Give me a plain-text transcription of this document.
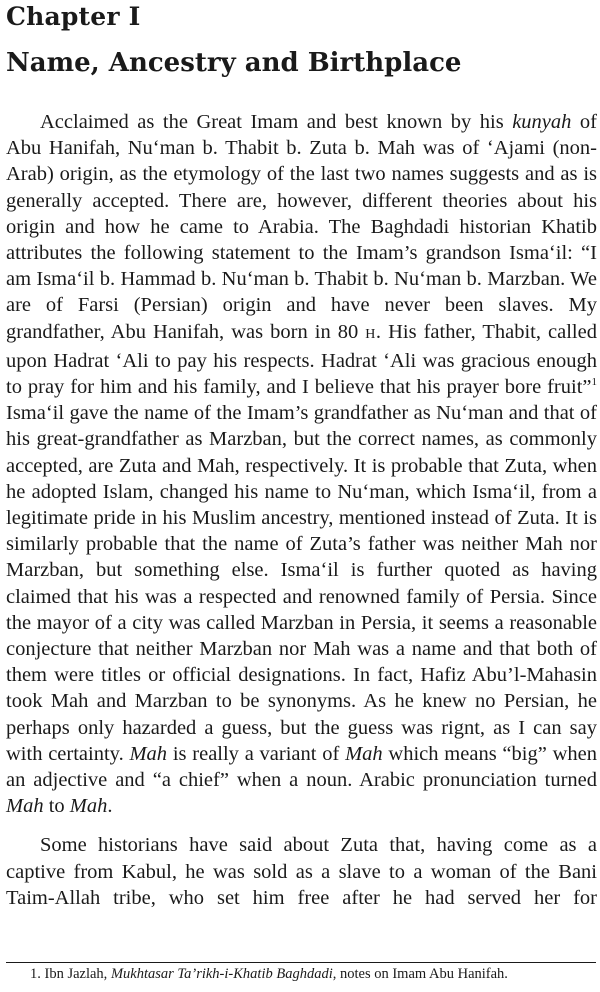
Chapter I
Name, Ancestry and Birthplace

Acclaimed as the Great Imam and best known by his kunyah of Abu Hanifah, Nu‘man b. Thabit b. Zuta b. Mah was of ‘Ajami (non-Arab) origin, as the etymology of the last two names suggests and as is generally accepted. There are, however, different theories about his origin and how he came to Arabia. The Baghdadi historian Khatib attributes the following statement to the Imam’s grandson Isma‘il: “I am Isma‘il b. Hammad b. Nu‘man b. Thabit b. Nu‘man b. Marzban. We are of Farsi (Persian) origin and have never been slaves. My grandfather, Abu Hanifah, was born in 80 H. His father, Thabit, called upon Hadrat ‘Ali to pay his respects. Hadrat ‘Ali was gracious enough to pray for him and his family, and I believe that his prayer bore fruit”$^1$ Isma‘il gave the name of the Imam’s grandfather as Nu‘man and that of his great-grandfather as Marzban, but the correct names, as commonly accepted, are Zuta and Mah, respectively. It is probable that Zuta, when he adopted Islam, changed his name to Nu‘man, which Isma‘il, from a legitimate pride in his Muslim ancestry, mentioned instead of Zuta. It is similarly probable that the name of Zuta’s father was neither Mah nor Marzban, but something else. Isma‘il is further quoted as having claimed that his was a respected and renowned family of Persia. Since the mayor of a city was called Marzban in Persia, it seems a reasonable conjecture that neither Marzban nor Mah was a name and that both of them were titles or official designations. In fact, Hafiz Abu’l-Mahasin took Mah and Marzban to be synonyms. As he knew no Persian, he perhaps only hazarded a guess, but the guess was rignt, as I can say with certainty. Mah is really a variant of Mah which means “big” when an adjective and “a chief” when a noun. Arabic pronunciation turned Mah to Mah.

Some historians have said about Zuta that, having come as a captive from Kabul, he was sold as a slave to a woman of the Bani Taim-Allah tribe, who set him free after he had served her for

1. Ibn Jazlah, Mukhtasar Ta’rikh-i-Khatib Baghdadi, notes on Imam Abu Hanifah.
